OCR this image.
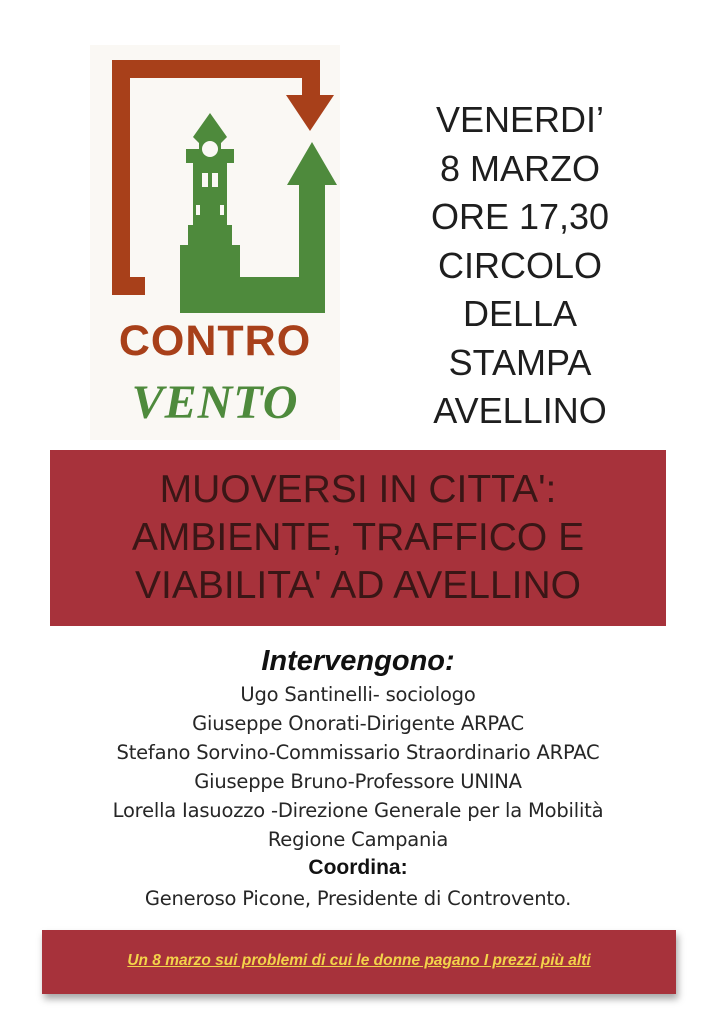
CONTRO
VENTO
VENERDI’
8 MARZO
ORE 17,30
CIRCOLO
DELLA
STAMPA
AVELLINO
MUOVERSI IN CITTA':
AMBIENTE, TRAFFICO E
VIABILITA' AD AVELLINO
Intervengono:
Ugo Santinelli- sociologo
Giuseppe Onorati-Dirigente ARPAC
Stefano Sorvino-Commissario Straordinario ARPAC
Giuseppe Bruno-Professore UNINA
Lorella Iasuozzo -Direzione Generale per la Mobilità
Regione Campania
Coordina:
Generoso Picone, Presidente di Controvento.
Un 8 marzo sui problemi di cui le donne pagano I prezzi più alti
